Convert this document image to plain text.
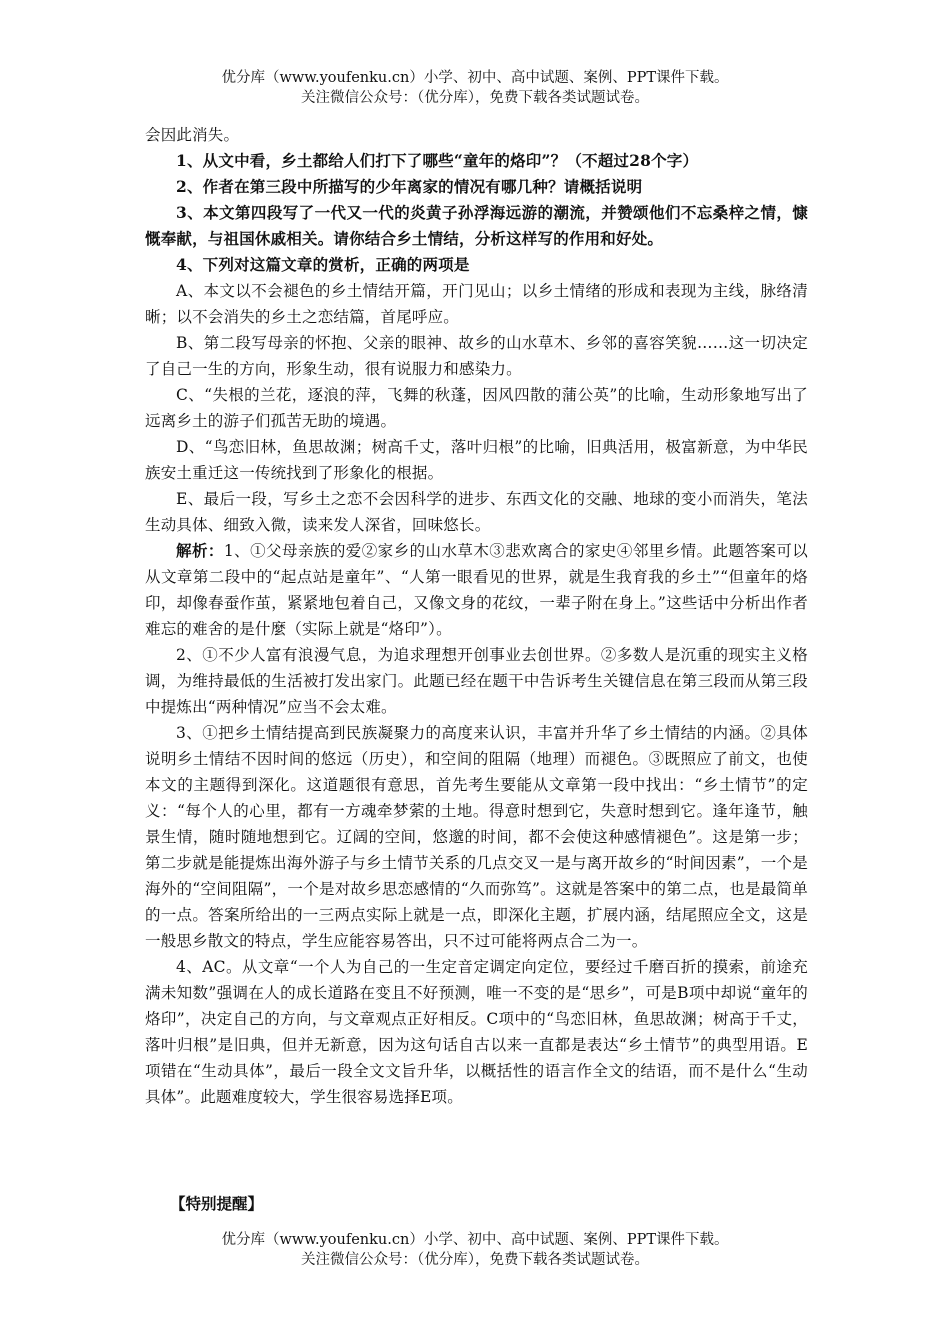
优分库（www.youfenku.cn）小学、初中、高中试题、案例、PPT课件下载。
关注微信公众号：（优分库），免费下载各类试题试卷。

会因此消失。

1、从文中看，乡土都给人们打下了哪些“童年的烙印”？（不超过28个字）

2、作者在第三段中所描写的少年离家的情况有哪几种？请概括说明

3、本文第四段写了一代又一代的炎黄子孙浮海远游的潮流，并赞颂他们不忘桑梓之情，慷慨奉献，与祖国休戚相关。请你结合乡土情结，分析这样写的作用和好处。

4、下列对这篇文章的赏析，正确的两项是

A、本文以不会褪色的乡土情结开篇，开门见山；以乡土情绪的形成和表现为主线，脉络清晰；以不会消失的乡土之恋结篇，首尾呼应。

B、第二段写母亲的怀抱、父亲的眼神、故乡的山水草木、乡邻的喜容笑貌……这一切决定了自己一生的方向，形象生动，很有说服力和感染力。

C、“失根的兰花，逐浪的萍，飞舞的秋蓬，因风四散的蒲公英”的比喻，生动形象地写出了远离乡土的游子们孤苦无助的境遇。

D、“鸟恋旧林，鱼思故渊；树高千丈，落叶归根”的比喻，旧典活用，极富新意，为中华民族安土重迁这一传统找到了形象化的根据。

E、最后一段，写乡土之恋不会因科学的进步、东西文化的交融、地球的变小而消失，笔法生动具体、细致入微，读来发人深省，回味悠长。

解析：1、①父母亲族的爱②家乡的山水草木③悲欢离合的家史④邻里乡情。此题答案可以从文章第二段中的“起点站是童年”、“人第一眼看见的世界，就是生我育我的乡土”“但童年的烙印，却像春蚕作茧，紧紧地包着自己，又像文身的花纹，一辈子附在身上。”这些话中分析出作者难忘的难舍的是什麼（实际上就是“烙印”）。

2、①不少人富有浪漫气息，为追求理想开创事业去创世界。②多数人是沉重的现实主义格调，为维持最低的生活被打发出家门。此题已经在题干中告诉考生关键信息在第三段而从第三段中提炼出“两种情况”应当不会太难。

3、①把乡土情结提高到民族凝聚力的高度来认识，丰富并升华了乡土情结的内涵。②具体说明乡土情结不因时间的悠远（历史），和空间的阻隔（地理）而褪色。③既照应了前文，也使本文的主题得到深化。这道题很有意思，首先考生要能从文章第一段中找出：“乡土情节”的定义：“每个人的心里，都有一方魂牵梦萦的土地。得意时想到它，失意时想到它。逢年逢节，触景生情，随时随地想到它。辽阔的空间，悠邈的时间，都不会使这种感情褪色”。这是第一步；第二步就是能提炼出海外游子与乡土情节关系的几点交叉一是与离开故乡的“时间因素”，一个是海外的“空间阻隔”，一个是对故乡思恋感情的“久而弥笃”。这就是答案中的第二点，也是最简单的一点。答案所给出的一三两点实际上就是一点，即深化主题，扩展内涵，结尾照应全文，这是一般思乡散文的特点，学生应能容易答出，只不过可能将两点合二为一。

4、AC。从文章“一个人为自己的一生定音定调定向定位，要经过千磨百折的摸索，前途充满未知数”强调在人的成长道路在变且不好预测，唯一不变的是“思乡”，可是B项中却说“童年的烙印”，决定自己的方向，与文章观点正好相反。C项中的“鸟恋旧林，鱼思故渊；树高于千丈，落叶归根”是旧典，但并无新意，因为这句话自古以来一直都是表达“乡土情节”的典型用语。E项错在“生动具体”，最后一段全文文旨升华，以概括性的语言作全文的结语，而不是什么“生动具体”。此题难度较大，学生很容易选择E项。

【特别提醒】
优分库（www.youfenku.cn）小学、初中、高中试题、案例、PPT课件下载。
关注微信公众号：（优分库），免费下载各类试题试卷。
